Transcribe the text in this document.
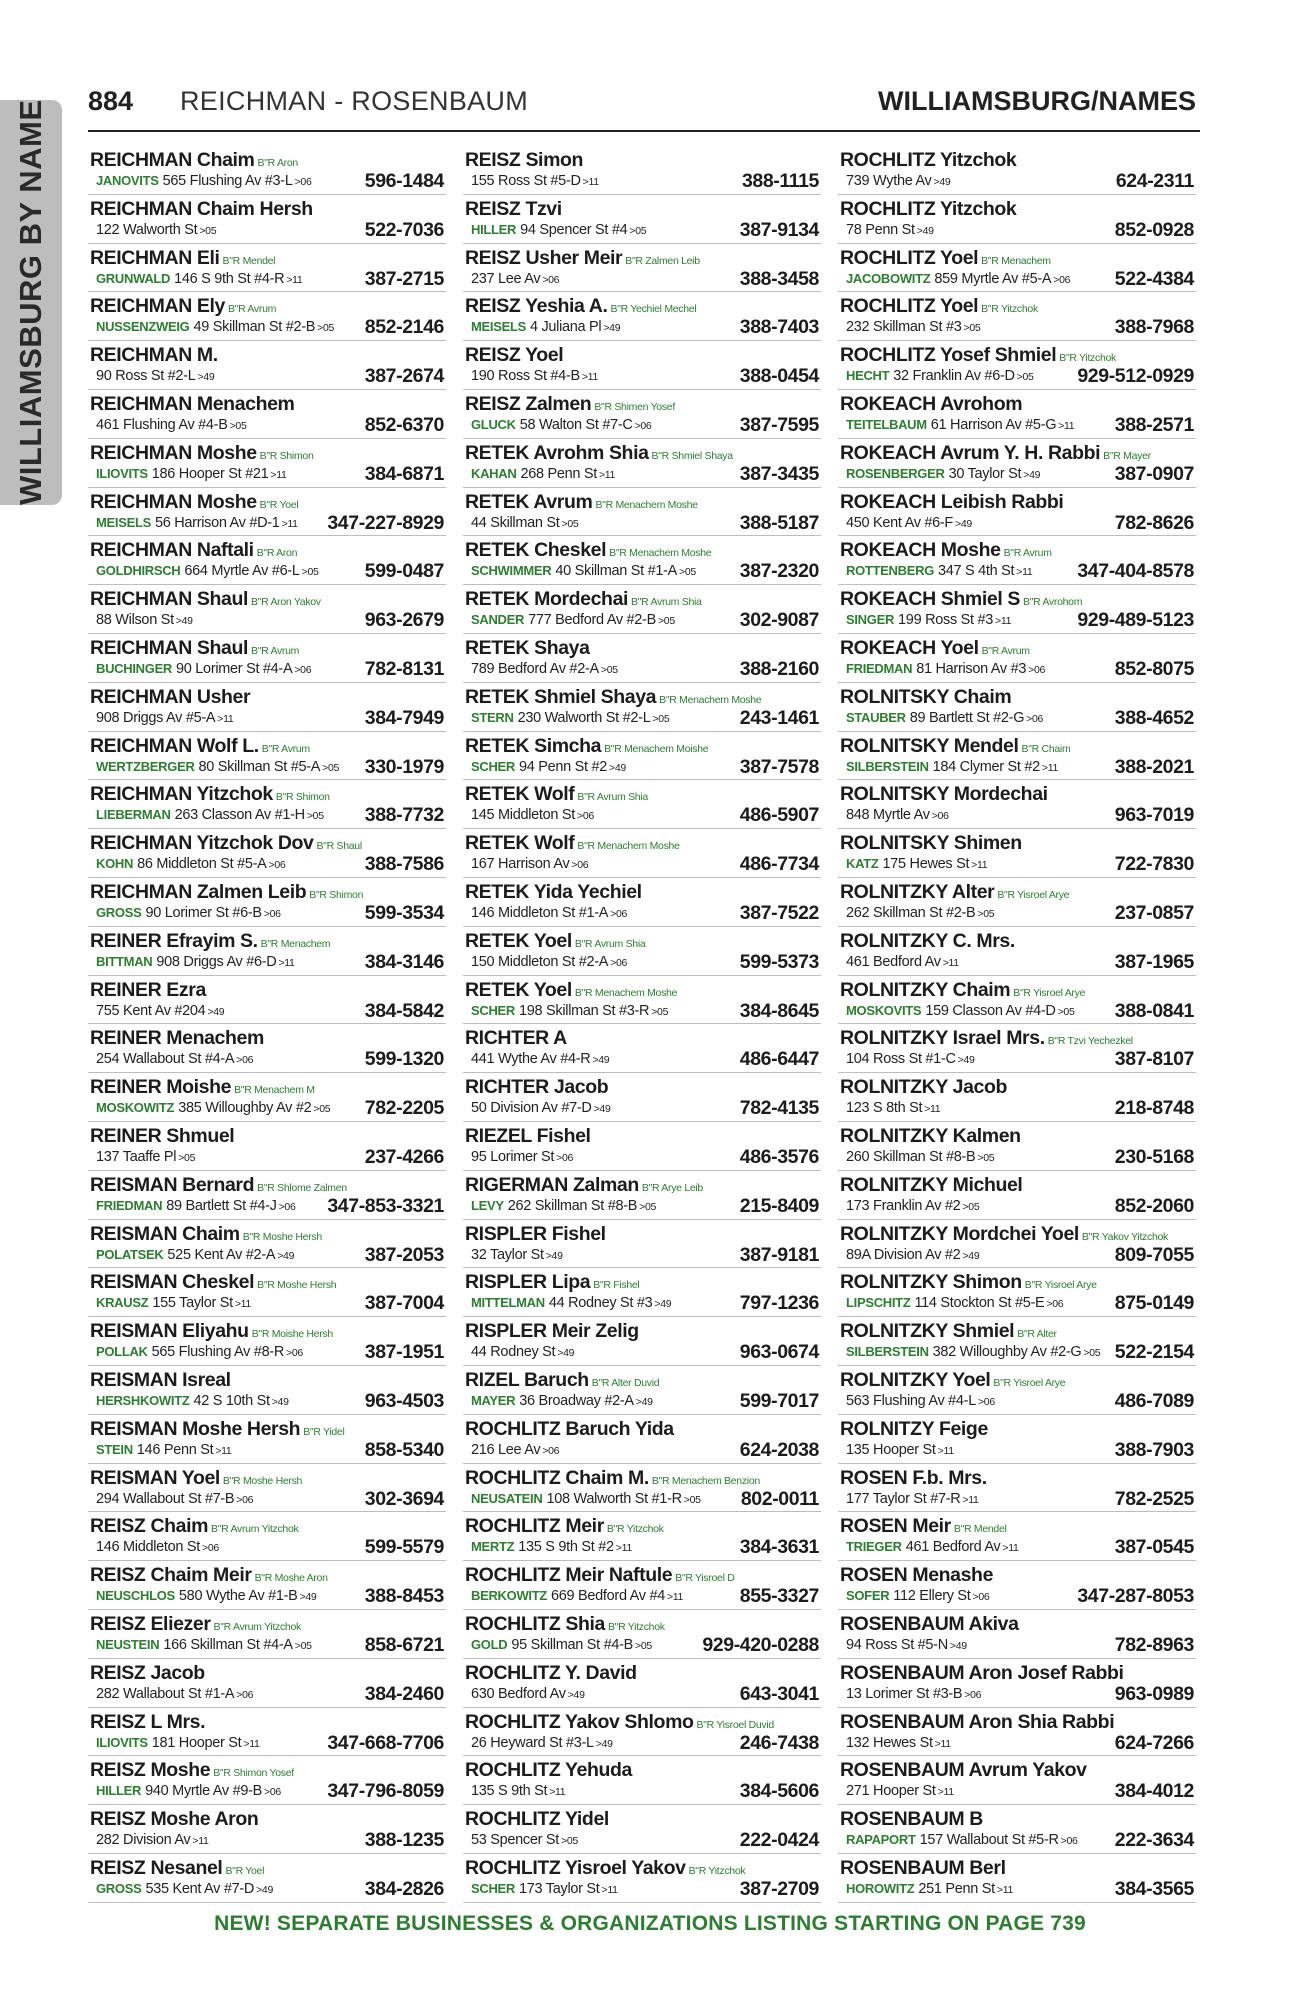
WILLIAMSBURG BY NAME	884 REICHMAN - ROSENBAUM	WILLIAMSBURG/NAMES
REICHMAN Chaim B"R Aron
JANOVITS 565 Flushing Av #3-L >06	596-1484
REICHMAN Chaim Hersh
122 Walworth St >05	522-7036
REICHMAN Eli B"R Mendel
GRUNWALD 146 S 9th St #4-R >11	387-2715
REICHMAN Ely B"R Avrum
NUSSENZWEIG 49 Skillman St #2-B >05 852-2146
REICHMAN M.
90 Ross St #2-L >49	387-2674
REICHMAN Menachem
461 Flushing Av #4-B >05	852-6370
REICHMAN Moshe B"R Shimon
ILIOVITS 186 Hooper St #21 >11	384-6871
REICHMAN Moshe B"R Yoel
MEISELS 56 Harrison Av #D-1 >11 347-227-8929
REICHMAN Naftali B"R Aron
GOLDHIRSCH 664 Myrtle Av #6-L >05 599-0487
REICHMAN Shaul B"R Aron Yakov
88 Wilson St >49	963-2679
REICHMAN Shaul B"R Avrum
BUCHINGER 90 Lorimer St #4-A >06	782-8131
REICHMAN Usher
908 Driggs Av #5-A >11	384-7949
REICHMAN Wolf L. B"R Avrum
WERTZBERGER 80 Skillman St #5-A >05 330-1979
REICHMAN Yitzchok B"R Shimon
LIEBERMAN 263 Classon Av #1-H >05 388-7732
REICHMAN Yitzchok Dov B"R Shaul
KOHN 86 Middleton St #5-A >06	388-7586
REICHMAN Zalmen Leib B"R Shimon
GROSS 90 Lorimer St #6-B >06	599-3534
REINER Efrayim S. B"R Menachem
BITTMAN 908 Driggs Av #6-D >11	384-3146
REINER Ezra
755 Kent Av #204 >49	384-5842
REINER Menachem
254 Wallabout St #4-A >06	599-1320
REINER Moishe B"R Menachem M
MOSKOWITZ 385 Willoughby Av #2 >05 782-2205
REINER Shmuel
137 Taaffe Pl >05	237-4266
REISMAN Bernard B"R Shlome Zalmen
FRIEDMAN 89 Bartlett St #4-J >06 347-853-3321
REISMAN Chaim B"R Moshe Hersh
POLATSEK 525 Kent Av #2-A >49	387-2053
REISMAN Cheskel B"R Moshe Hersh
KRAUSZ 155 Taylor St >11	387-7004
REISMAN Eliyahu B"R Moishe Hersh
POLLAK 565 Flushing Av #8-R >06	387-1951
REISMAN Isreal
HERSHKOWITZ 42 S 10th St >49	963-4503
REISMAN Moshe Hersh B"R Yidel
STEIN 146 Penn St >11	858-5340
REISMAN Yoel B"R Moshe Hersh
294 Wallabout St #7-B >06	302-3694
REISZ Chaim B"R Avrum Yitzchok
146 Middleton St >06	599-5579
REISZ Chaim Meir B"R Moshe Aron
NEUSCHLOS 580 Wythe Av #1-B >49 388-8453
REISZ Eliezer B"R Avrum Yitzchok
NEUSTEIN 166 Skillman St #4-A >05	858-6721
REISZ Jacob
282 Wallabout St #1-A >06	384-2460
REISZ L Mrs.
ILIOVITS 181 Hooper St >11	347-668-7706
REISZ Moshe B"R Shimon Yosef
HILLER 940 Myrtle Av #9-B >06 347-796-8059
REISZ Moshe Aron
282 Division Av >11	388-1235
REISZ Nesanel B"R Yoel
GROSS 535 Kent Av #7-D >49	384-2826
REISZ Simon
155 Ross St #5-D >11	388-1115
REISZ Tzvi
HILLER 94 Spencer St #4 >05	387-9134
REISZ Usher Meir B"R Zalmen Leib
237 Lee Av >06	388-3458
REISZ Yeshia A. B"R Yechiel Mechel
MEISELS 4 Juliana Pl >49	388-7403
REISZ Yoel
190 Ross St #4-B >11	388-0454
REISZ Zalmen B"R Shimen Yosef
GLUCK 58 Walton St #7-C >06	387-7595
RETEK Avrohm Shia B"R Shmiel Shaya
KAHAN 268 Penn St >11	387-3435
RETEK Avrum B"R Menachem Moshe
44 Skillman St >05	388-5187
RETEK Cheskel B"R Menachem Moshe
SCHWIMMER 40 Skillman St #1-A >05 387-2320
RETEK Mordechai B"R Avrum Shia
SANDER 777 Bedford Av #2-B >05	302-9087
RETEK Shaya
789 Bedford Av #2-A >05	388-2160
RETEK Shmiel Shaya B"R Menachem Moshe
STERN 230 Walworth St #2-L >05	243-1461
RETEK Simcha B"R Menachem Moishe
SCHER 94 Penn St #2 >49	387-7578
RETEK Wolf B"R Avrum Shia
145 Middleton St >06	486-5907
RETEK Wolf B"R Menachem Moshe
167 Harrison Av >06	486-7734
RETEK Yida Yechiel
146 Middleton St #1-A >06	387-7522
RETEK Yoel B"R Avrum Shia
150 Middleton St #2-A >06	599-5373
RETEK Yoel B"R Menachem Moshe
SCHER 198 Skillman St #3-R >05	384-8645
RICHTER A
441 Wythe Av #4-R >49	486-6447
RICHTER Jacob
50 Division Av #7-D >49	782-4135
RIEZEL Fishel
95 Lorimer St >06	486-3576
RIGERMAN Zalman B"R Arye Leib
LEVY 262 Skillman St #8-B >05	215-8409
RISPLER Fishel
32 Taylor St >49	387-9181
RISPLER Lipa B"R Fishel
MITTELMAN 44 Rodney St #3 >49	797-1236
RISPLER Meir Zelig
44 Rodney St >49	963-0674
RIZEL Baruch B"R Alter Duvid
MAYER 36 Broadway #2-A >49	599-7017
ROCHLITZ Baruch Yida
216 Lee Av >06	624-2038
ROCHLITZ Chaim M. B"R Menachem Benzion
NEUSATEIN 108 Walworth St #1-R >05 802-0011
ROCHLITZ Meir B"R Yitzchok
MERTZ 135 S 9th St #2 >11	384-3631
ROCHLITZ Meir Naftule B"R Yisroel D
BERKOWITZ 669 Bedford Av #4 >11	855-3327
ROCHLITZ Shia B"R Yitzchok
GOLD 95 Skillman St #4-B >05	929-420-0288
ROCHLITZ Y. David
630 Bedford Av >49	643-3041
ROCHLITZ Yakov Shlomo B"R Yisroel Duvid
26 Heyward St #3-L >49	246-7438
ROCHLITZ Yehuda
135 S 9th St >11	384-5606
ROCHLITZ Yidel
53 Spencer St >05	222-0424
ROCHLITZ Yisroel Yakov B"R Yitzchok
SCHER 173 Taylor St >11	387-2709
ROCHLITZ Yitzchok
739 Wythe Av >49	624-2311
ROCHLITZ Yitzchok
78 Penn St >49	852-0928
ROCHLITZ Yoel B"R Menachem
JACOBOWITZ 859 Myrtle Av #5-A >06 522-4384
ROCHLITZ Yoel B"R Yitzchok
232 Skillman St #3 >05	388-7968
ROCHLITZ Yosef Shmiel B"R Yitzchok
HECHT 32 Franklin Av #6-D >05 929-512-0929
ROKEACH Avrohom
TEITELBAUM 61 Harrison Av #5-G >11 388-2571
ROKEACH Avrum Y. H. Rabbi B"R Mayer
ROSENBERGER 30 Taylor St >49	387-0907
ROKEACH Leibish Rabbi
450 Kent Av #6-F >49	782-8626
ROKEACH Moshe B"R Avrum
ROTTENBERG 347 S 4th St >11 347-404-8578
ROKEACH Shmiel S B"R Avrohom
SINGER 199 Ross St #3 >11	929-489-5123
ROKEACH Yoel B"R Avrum
FRIEDMAN 81 Harrison Av #3 >06	852-8075
ROLNITSKY Chaim
STAUBER 89 Bartlett St #2-G >06	388-4652
ROLNITSKY Mendel B"R Chaim
SILBERSTEIN 184 Clymer St #2 >11	388-2021
ROLNITSKY Mordechai
848 Myrtle Av >06	963-7019
ROLNITSKY Shimen
KATZ 175 Hewes St >11	722-7830
ROLNITZKY Alter B"R Yisroel Arye
262 Skillman St #2-B >05	237-0857
ROLNITZKY C. Mrs.
461 Bedford Av >11	387-1965
ROLNITZKY Chaim B"R Yisroel Arye
MOSKOVITS 159 Classon Av #4-D >05 388-0841
ROLNITZKY Israel Mrs. B"R Tzvi Yechezkel
104 Ross St #1-C >49	387-8107
ROLNITZKY Jacob
123 S 8th St >11	218-8748
ROLNITZKY Kalmen
260 Skillman St #8-B >05	230-5168
ROLNITZKY Michuel
173 Franklin Av #2 >05	852-2060
ROLNITZKY Mordchei Yoel B"R Yakov Yitzchok
89A Division Av #2 >49	809-7055
ROLNITZKY Shimon B"R Yisroel Arye
LIPSCHITZ 114 Stockton St #5-E >06	875-0149
ROLNITZKY Shmiel B"R Alter
SILBERSTEIN 382 Willoughby Av #2-G >05 522-2154
ROLNITZKY Yoel B"R Yisroel Arye
563 Flushing Av #4-L >06	486-7089
ROLNITZY Feige
135 Hooper St >11	388-7903
ROSEN F.b. Mrs.
177 Taylor St #7-R >11	782-2525
ROSEN Meir B"R Mendel
TRIEGER 461 Bedford Av >11	387-0545
ROSEN Menashe
SOFER 112 Ellery St >06	347-287-8053
ROSENBAUM Akiva
94 Ross St #5-N >49	782-8963
ROSENBAUM Aron Josef Rabbi
13 Lorimer St #3-B >06	963-0989
ROSENBAUM Aron Shia Rabbi
132 Hewes St >11	624-7266
ROSENBAUM Avrum Yakov
271 Hooper St >11	384-4012
ROSENBAUM B
RAPAPORT 157 Wallabout St #5-R >06 222-3634
ROSENBAUM Berl
HOROWITZ 251 Penn St >11	384-3565
NEW! SEPARATE BUSINESSES & ORGANIZATIONS LISTING STARTING ON PAGE 739
